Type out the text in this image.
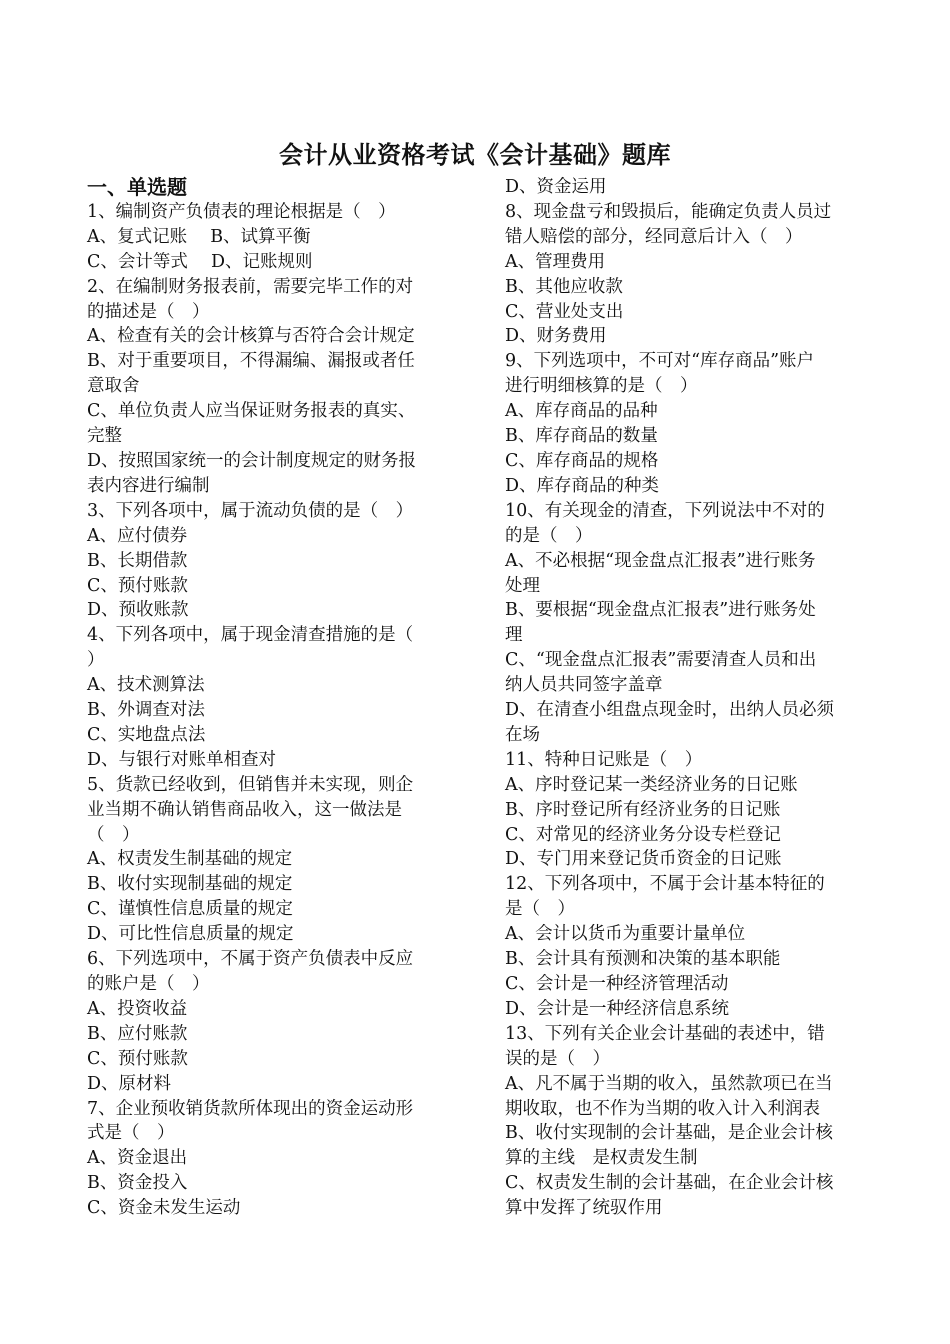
会计从业资格考试《会计基础》题库
一、单选题
1、编制资产负债表的理论根据是（　）
A、复式记账　 B、试算平衡
C、会计等式　 D、记账规则
2、在编制财务报表前，需要完毕工作的对
的描述是（　）
A、检查有关的会计核算与否符合会计规定
B、对于重要项目，不得漏编、漏报或者任
意取舍
C、单位负责人应当保证财务报表的真实、
完整
D、按照国家统一的会计制度规定的财务报
表内容进行编制
3、下列各项中，属于流动负债的是（　）
A、应付债券
B、长期借款
C、预付账款
D、预收账款
4、下列各项中，属于现金清查措施的是（
）
A、技术测算法
B、外调查对法
C、实地盘点法
D、与银行对账单相查对
5、货款已经收到，但销售并未实现，则企
业当期不确认销售商品收入，这一做法是
（　）
A、权责发生制基础的规定
B、收付实现制基础的规定
C、谨慎性信息质量的规定
D、可比性信息质量的规定
6、下列选项中，不属于资产负债表中反应
的账户是（　）
A、投资收益
B、应付账款
C、预付账款
D、原材料
7、企业预收销货款所体现出的资金运动形
式是（　）
A、资金退出
B、资金投入
C、资金未发生运动
D、资金运用
8、现金盘亏和毁损后，能确定负责人员过
错人赔偿的部分，经同意后计入（　）
A、管理费用
B、其他应收款
C、营业处支出
D、财务费用
9、下列选项中，不可对“库存商品”账户
进行明细核算的是（　）
A、库存商品的品种
B、库存商品的数量
C、库存商品的规格
D、库存商品的种类
10、有关现金的清查，下列说法中不对的
的是（　）
A、不必根据“现金盘点汇报表”进行账务
处理
B、要根据“现金盘点汇报表”进行账务处
理
C、“现金盘点汇报表”需要清查人员和出
纳人员共同签字盖章
D、在清查小组盘点现金时，出纳人员必须
在场
11、特种日记账是（　）
A、序时登记某一类经济业务的日记账
B、序时登记所有经济业务的日记账
C、对常见的经济业务分设专栏登记
D、专门用来登记货币资金的日记账
12、下列各项中，不属于会计基本特征的
是（　）
A、会计以货币为重要计量单位
B、会计具有预测和决策的基本职能
C、会计是一种经济管理活动
D、会计是一种经济信息系统
13、下列有关企业会计基础的表述中，错
误的是（　）
A、凡不属于当期的收入，虽然款项已在当
期收取，也不作为当期的收入计入利润表
B、收付实现制的会计基础，是企业会计核
算的主线　是权责发生制
C、权责发生制的会计基础，在企业会计核
算中发挥了统驭作用
